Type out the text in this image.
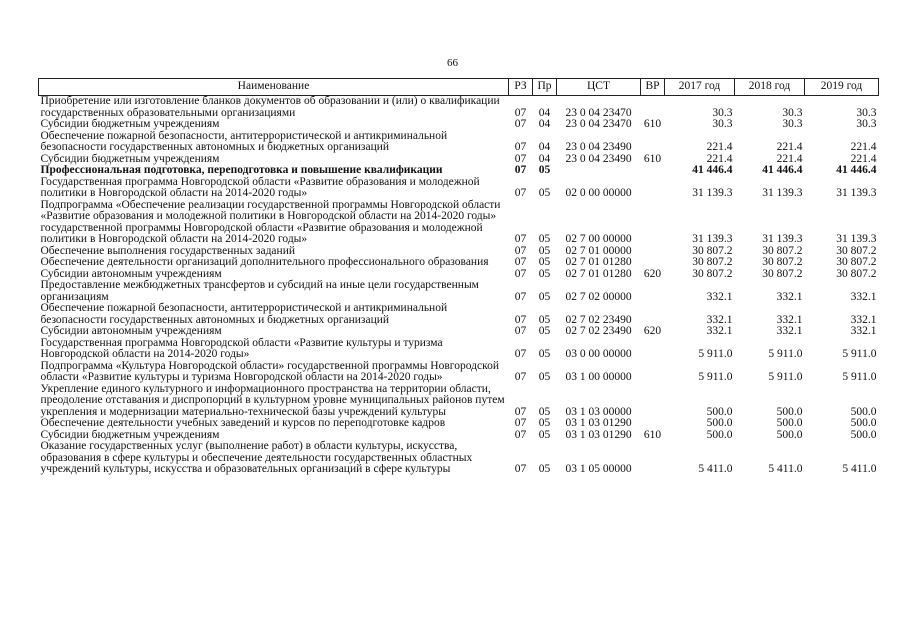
66
Наименование	РЗ	Пр	ЦСТ	ВР	2017 год	2018 год	2019 год
Приобретение или изготовление бланков документов об образовании и (или) о квалификации государственных образовательными организациями	07	04	23 0 04 23470		30.3	30.3	30.3
Субсидии бюджетным учреждениям	07	04	23 0 04 23470	610	30.3	30.3	30.3
Обеспечение пожарной безопасности, антитеррористической и антикриминальной безопасности государственных автономных и бюджетных организаций	07	04	23 0 04 23490		221.4	221.4	221.4
Субсидии бюджетным учреждениям	07	04	23 0 04 23490	610	221.4	221.4	221.4
Профессиональная подготовка, переподготовка и повышение квалификации	07	05			41 446.4	41 446.4	41 446.4
Государственная программа Новгородской области «Развитие образования и молодежной политики в Новгородской области на 2014-2020 годы»	07	05	02 0 00 00000		31 139.3	31 139.3	31 139.3
Подпрограмма «Обеспечение реализации государственной программы Новгородской области «Развитие образования и молодежной политики в Новгородской области на 2014-2020 годы» государственной программы Новгородской области «Развитие образования и молодежной политики в Новгородской области на 2014-2020 годы»	07	05	02 7 00 00000		31 139.3	31 139.3	31 139.3
Обеспечение выполнения государственных заданий	07	05	02 7 01 00000		30 807.2	30 807.2	30 807.2
Обеспечение деятельности организаций дополнительного профессионального образования	07	05	02 7 01 01280		30 807.2	30 807.2	30 807.2
Субсидии автономным учреждениям	07	05	02 7 01 01280	620	30 807.2	30 807.2	30 807.2
Предоставление межбюджетных трансфертов и субсидий на иные цели государственным организациям	07	05	02 7 02 00000		332.1	332.1	332.1
Обеспечение пожарной безопасности, антитеррористической и антикриминальной безопасности государственных автономных и бюджетных организаций	07	05	02 7 02 23490		332.1	332.1	332.1
Субсидии автономным учреждениям	07	05	02 7 02 23490	620	332.1	332.1	332.1
Государственная программа Новгородской области «Развитие культуры и туризма Новгородской области на 2014-2020 годы»	07	05	03 0 00 00000		5 911.0	5 911.0	5 911.0
Подпрограмма «Культура Новгородской области» государственной программы Новгородской области «Развитие культуры и туризма Новгородской области на 2014-2020 годы»	07	05	03 1 00 00000		5 911.0	5 911.0	5 911.0
Укрепление единого культурного и информационного пространства на территории области, преодоление отставания и диспропорций в культурном уровне муниципальных районов путем укрепления и модернизации материально-технической базы учреждений культуры	07	05	03 1 03 00000		500.0	500.0	500.0
Обеспечение деятельности учебных заведений и курсов по переподготовке кадров	07	05	03 1 03 01290		500.0	500.0	500.0
Субсидии бюджетным учреждениям	07	05	03 1 03 01290	610	500.0	500.0	500.0
Оказание государственных услуг (выполнение работ) в области культуры, искусства, образования в сфере культуры и обеспечение деятельности государственных областных учреждений культуры, искусства и образовательных организаций в сфере культуры	07	05	03 1 05 00000		5 411.0	5 411.0	5 411.0
